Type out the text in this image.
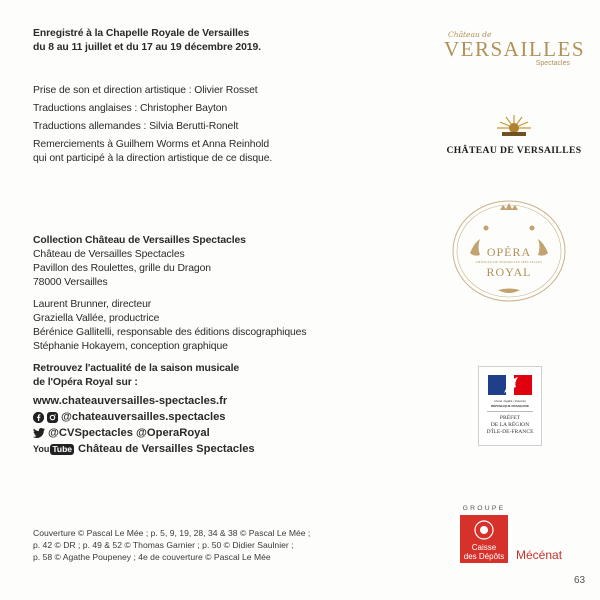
Enregistré à la Chapelle Royale de Versailles
du 8 au 11 juillet et du 17 au 19 décembre 2019.
Prise de son et direction artistique : Olivier Rosset
Traductions anglaises : Christopher Bayton
Traductions allemandes : Silvia Berutti-Ronelt
Remerciements à Guilhem Worms et Anna Reinhold
qui ont participé à la direction artistique de ce disque.
Collection Château de Versailles Spectacles
Château de Versailles Spectacles
Pavillon des Roulettes, grille du Dragon
78000 Versailles
Laurent Brunner, directeur
Graziella Vallée, productrice
Bérénice Gallitelli, responsable des éditions discographiques
Stéphanie Hokayem, conception graphique
Retrouvez l'actualité de la saison musicale
de l'Opéra Royal sur :
www.chateauversailles-spectacles.fr
@chateauversailles.spectacles
@CVSpectacles @OperaRoyal
You Tube Château de Versailles Spectacles
Couverture © Pascal Le Mée ; p. 5, 9, 19, 28, 34 & 38 © Pascal Le Mée ;
p. 42 © DR ; p. 49 & 52 © Thomas Garnier ; p. 50 © Didier Saulnier ;
p. 58 © Agathe Poupeney ; 4e de couverture © Pascal Le Mée
Château de
VERSAILLES
Spectacles
CHÂTEAU DE VERSAILLES
OPÉRA
CHÂTEAU DE VERSAILLES SPECTACLES
ROYAL
Liberté • Égalité • Fraternité
RÉPUBLIQUE FRANÇAISE
PRÉFET
DE LA RÉGION
D'ÎLE-DE-FRANCE
GROUPE
Caisse
des Dépôts Mécénat
63
